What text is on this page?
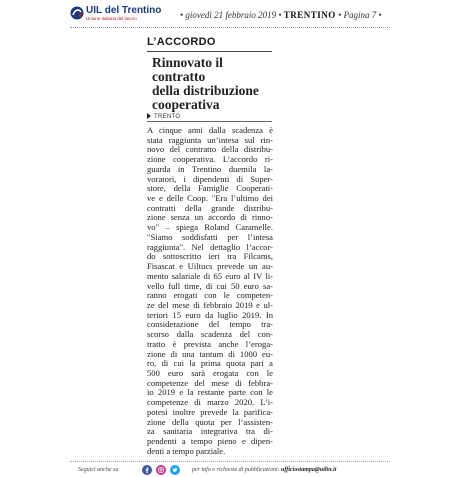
UIL del Trentino
Unione Italiana del lavoro	• giovedì 21 febbraio 2019 • TRENTINO • Pagina 7 •
L’ACCORDO
Rinnovato il contratto
della distribuzione
cooperativa
TRENTO
A cinque anni dalla scadenza è
stata raggiunta un’intesa sul rin-
novo del contratto della distribu-
zione cooperativa. L’accordo ri-
guarda in Trentino duemila la-
voratori, i dipendenti di Super-
store, della Famiglie Cooperati-
ve e delle Coop. "Era l’ultimo dei
contratti della grande distribu-
zione senza un accordo di rinno-
vo" – spiega Roland Caramelle.
"Siamo soddisfatti per l’intesa
raggiunta". Nel dettaglio l’accor-
do sottoscritto ieri tra Filcams,
Fisascat e Uiltucs prevede un au-
mento salariale di 65 euro al IV li-
vello full time, di cui 50 euro sa-
ranno erogati con le competen-
ze del mese di febbraio 2019 e ul-
teriori 15 euro da luglio 2019. In
considerazione del tempo tra-
scorso dalla scadenza del con-
tratto è prevista anche l’eroga-
zione di una tantum di 1000 eu-
ro, di cui la prima quota pari a
500 euro sarà erogata con le
competenze del mese di febbra-
io 2019 e la restante parte con le
competenze di marzo 2020. L’i-
potesi inoltre prevede la parifica-
zione della quota per l’assisten-
za sanitaria integrativa tra di-
pendenti a tempo pieno e dipen-
denti a tempo parziale.
Seguici anche su	per info e richieste di pubblicazioni: ufficiostampa@uiltn.it
